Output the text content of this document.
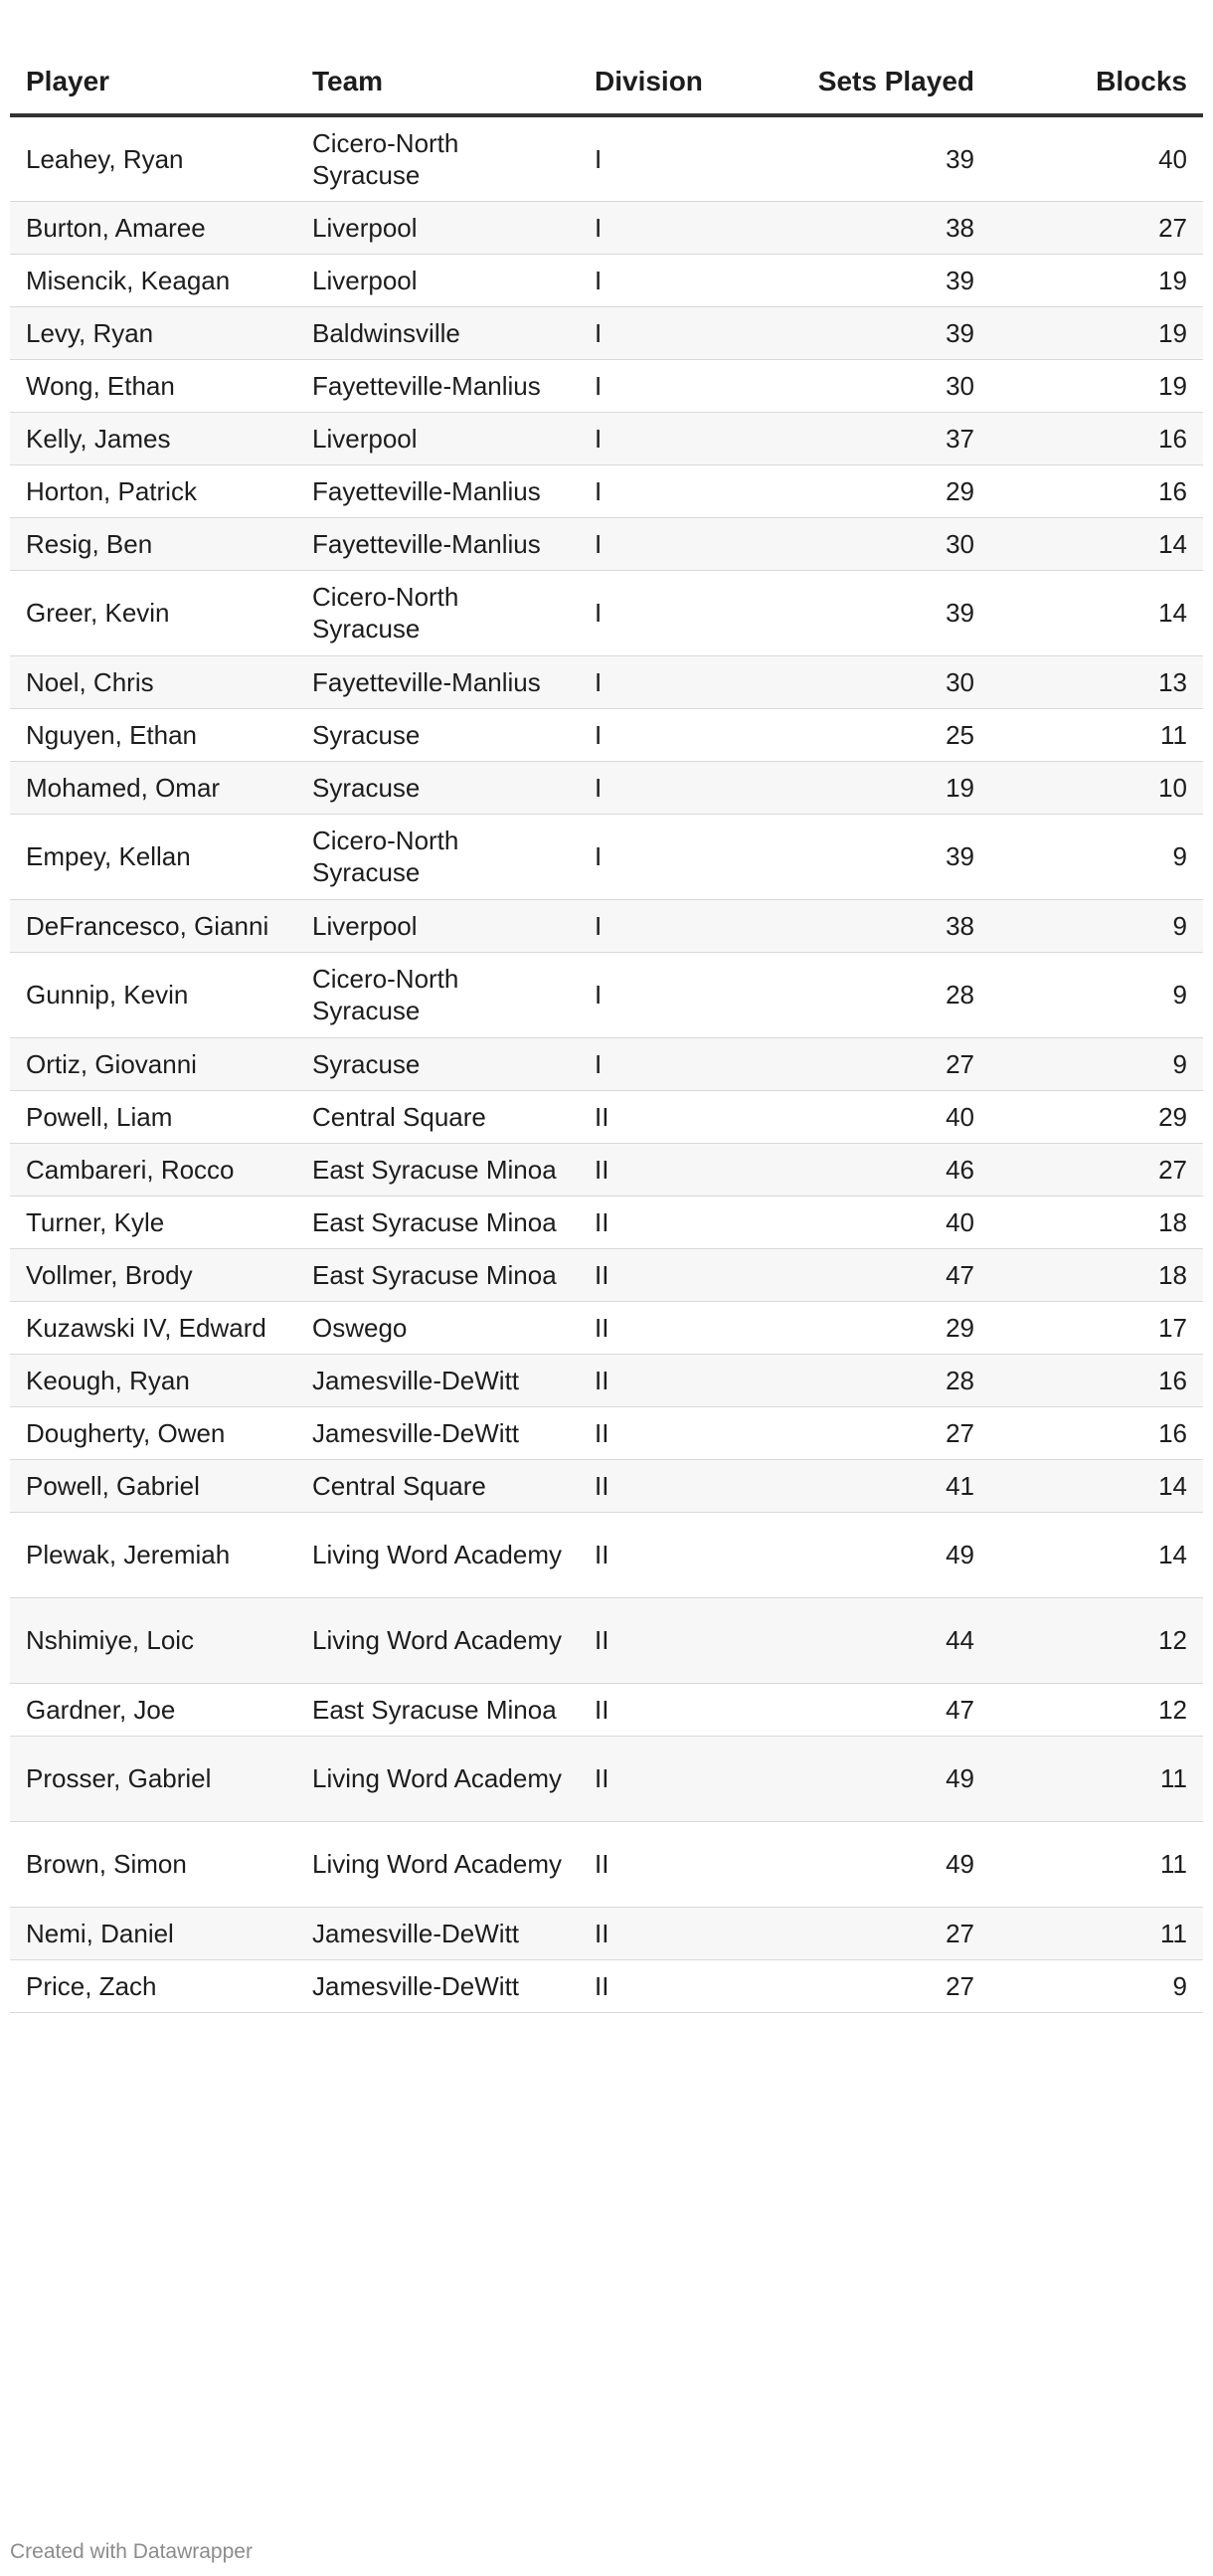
Player	Team	Division	Sets Played	Blocks
Leahey, Ryan	Cicero-North Syracuse	I	39	40
Burton, Amaree	Liverpool	I	38	27
Misencik, Keagan	Liverpool	I	39	19
Levy, Ryan	Baldwinsville	I	39	19
Wong, Ethan	Fayetteville-Manlius	I	30	19
Kelly, James	Liverpool	I	37	16
Horton, Patrick	Fayetteville-Manlius	I	29	16
Resig, Ben	Fayetteville-Manlius	I	30	14
Greer, Kevin	Cicero-North Syracuse	I	39	14
Noel, Chris	Fayetteville-Manlius	I	30	13
Nguyen, Ethan	Syracuse	I	25	11
Mohamed, Omar	Syracuse	I	19	10
Empey, Kellan	Cicero-North Syracuse	I	39	9
DeFrancesco, Gianni	Liverpool	I	38	9
Gunnip, Kevin	Cicero-North Syracuse	I	28	9
Ortiz, Giovanni	Syracuse	I	27	9
Powell, Liam	Central Square	II	40	29
Cambareri, Rocco	East Syracuse Minoa	II	46	27
Turner, Kyle	East Syracuse Minoa	II	40	18
Vollmer, Brody	East Syracuse Minoa	II	47	18
Kuzawski IV, Edward	Oswego	II	29	17
Keough, Ryan	Jamesville-DeWitt	II	28	16
Dougherty, Owen	Jamesville-DeWitt	II	27	16
Powell, Gabriel	Central Square	II	41	14
Plewak, Jeremiah	Living Word Academy	II	49	14
Nshimiye, Loic	Living Word Academy	II	44	12
Gardner, Joe	East Syracuse Minoa	II	47	12
Prosser, Gabriel	Living Word Academy	II	49	11
Brown, Simon	Living Word Academy	II	49	11
Nemi, Daniel	Jamesville-DeWitt	II	27	11
Price, Zach	Jamesville-DeWitt	II	27	9
Created with Datawrapper
